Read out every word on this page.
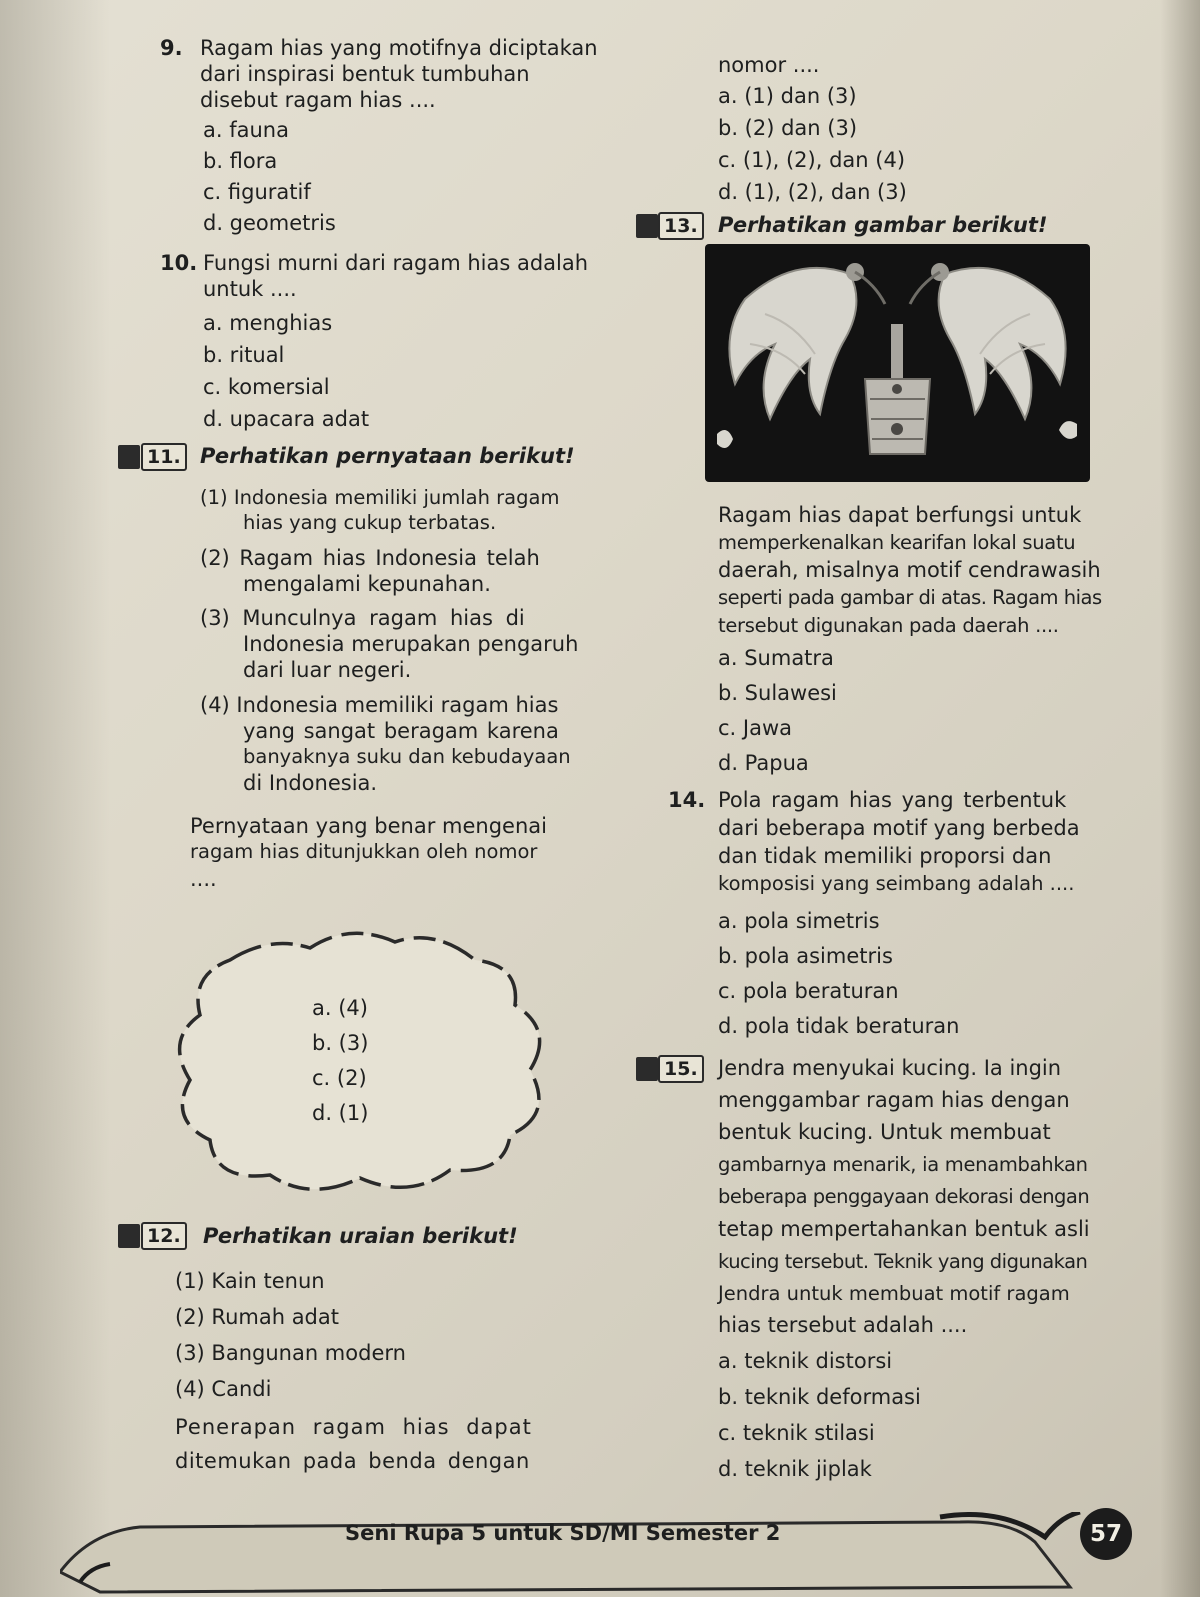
9. Ragam hias yang motifnya diciptakan
dari inspirasi bentuk tumbuhan
disebut ragam hias ....
a. fauna
b. flora
c. figuratif
d. geometris
10. Fungsi murni dari ragam hias adalah
untuk ....
a. menghias
b. ritual
c. komersial
d. upacara adat
11. Perhatikan pernyataan berikut!
(1) Indonesia memiliki jumlah ragam
hias yang cukup terbatas.
(2) Ragam hias Indonesia telah
mengalami kepunahan.
(3) Munculnya ragam hias di
Indonesia merupakan pengaruh
dari luar negeri.
(4) Indonesia memiliki ragam hias
yang sangat beragam karena
banyaknya suku dan kebudayaan
di Indonesia.
Pernyataan yang benar mengenai
ragam hias ditunjukkan oleh nomor
....
a. (4)
b. (3)
c. (2)
d. (1)
nomor ....
a. (1) dan (3)
b. (2) dan (3)
c. (1), (2), dan (4)
d. (1), (2), dan (3)
12. Perhatikan uraian berikut!
(1) Kain tenun
(2) Rumah adat
(3) Bangunan modern
(4) Candi
Penerapan ragam hias dapat
ditemukan pada benda dengan
13. Perhatikan gambar berikut!
Ragam hias dapat berfungsi untuk
memperkenalkan kearifan lokal suatu
daerah, misalnya motif cendrawasih
seperti pada gambar di atas. Ragam hias
tersebut digunakan pada daerah ....
a. Sumatra
b. Sulawesi
c. Jawa
d. Papua
14. Pola ragam hias yang terbentuk
dari beberapa motif yang berbeda
dan tidak memiliki proporsi dan
komposisi yang seimbang adalah ....
a. pola simetris
b. pola asimetris
c. pola beraturan
d. pola tidak beraturan
15. Jendra menyukai kucing. Ia ingin
menggambar ragam hias dengan
bentuk kucing. Untuk membuat
gambarnya menarik, ia menambahkan
beberapa penggayaan dekorasi dengan
tetap mempertahankan bentuk asli
kucing tersebut. Teknik yang digunakan
Jendra untuk membuat motif ragam
hias tersebut adalah ....
a. teknik distorsi
b. teknik deformasi
c. teknik stilasi
d. teknik jiplak
Seni Rupa 5 untuk SD/MI Semester 2	57
